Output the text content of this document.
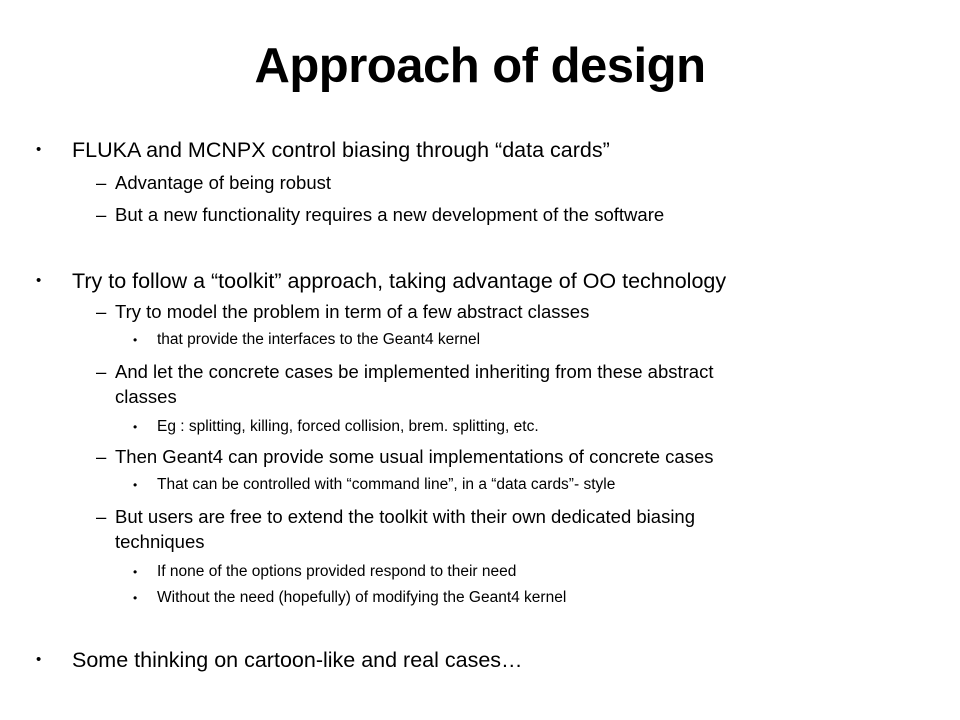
Approach of design
• FLUKA and MCNPX control biasing through “data cards”
– Advantage of being robust
– But a new functionality requires a new development of the software
• Try to follow a “toolkit” approach, taking advantage of OO technology
– Try to model the problem in term of a few abstract classes
• that provide the interfaces to the Geant4 kernel
– And let the concrete cases be implemented inheriting from these abstract
classes
• Eg : splitting, killing, forced collision, brem. splitting, etc.
– Then Geant4 can provide some usual implementations of concrete cases
• That can be controlled with “command line”, in a “data cards”- style
– But users are free to extend the toolkit with their own dedicated biasing
techniques
• If none of the options provided respond to their need
• Without the need (hopefully) of modifying the Geant4 kernel
• Some thinking on cartoon-like and real cases…
